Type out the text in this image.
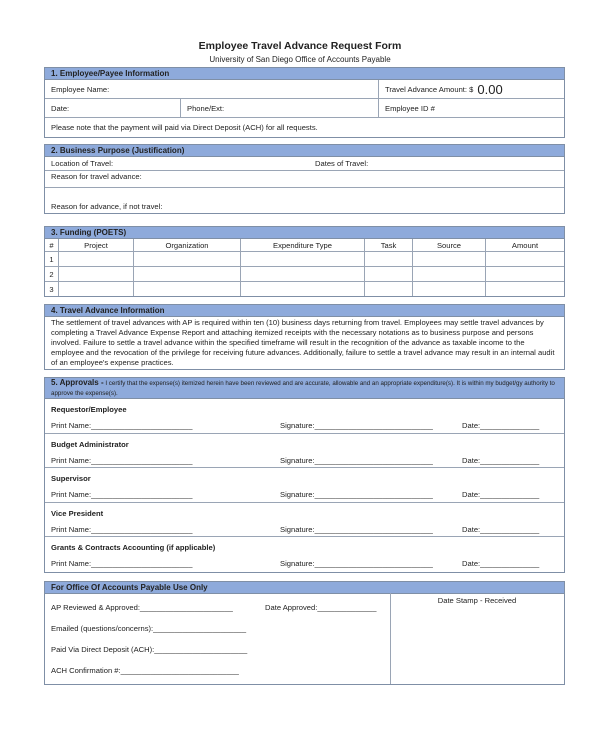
Employee Travel Advance Request Form
University of San Diego Office of Accounts Payable
1. Employee/Payee Information
Employee Name:	Travel Advance Amount: $ 0.00
Date:	Phone/Ext:	Employee ID #
Please note that the payment will paid via Direct Deposit (ACH) for all requests.
2. Business Purpose (Justification)
Location of Travel:	Dates of Travel:
Reason for travel advance:
Reason for advance, if not travel:
3. Funding (POETS)
#	Project	Organization	Expenditure Type	Task	Source	Amount
1						
2						
3						
4. Travel Advance Information
The settlement of travel advances with AP is required within ten (10) business days returning from travel. Employees may settle travel advances by completing a Travel Advance Expense Report and attaching itemized receipts with the necessary notations as to business purpose and persons involved. Failure to settle a travel advance within the specified timeframe will result in the recognition of the advance as taxable income to the employee and the revocation of the privilege for receiving future advances. Additionally, failure to settle a travel advance may result in an internal audit of an employee's expense practices.
5. Approvals - I certify that the expense(s) itemized herein have been reviewed and are accurate, allowable and an appropriate expenditure(s). It is within my budget/gy authority to approve the expense(s).
Requestor/Employee
Print Name:________________________	Signature:____________________________	Date:______________
Budget Administrator
Print Name:________________________	Signature:____________________________	Date:______________
Supervisor
Print Name:________________________	Signature:____________________________	Date:______________
Vice President
Print Name:________________________	Signature:____________________________	Date:______________
Grants & Contracts Accounting (if applicable)
Print Name:________________________	Signature:____________________________	Date:______________
For Office Of Accounts Payable Use Only
AP Reviewed & Approved:______________________	Date Approved:______________
Emailed (questions/concerns):______________________
Paid Via Direct Deposit (ACH):______________________
ACH Confirmation #:____________________________
Date Stamp - Received
